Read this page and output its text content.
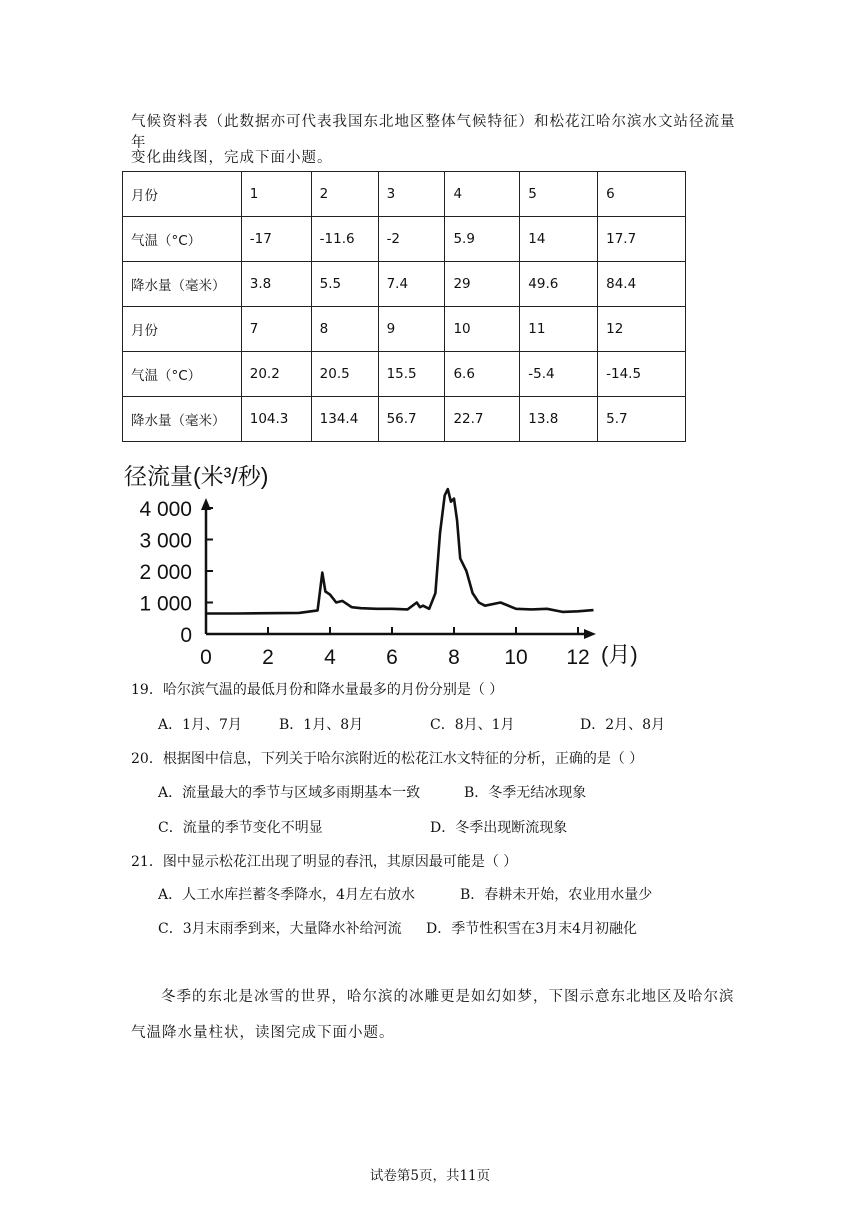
气候资料表（此数据亦可代表我国东北地区整体气候特征）和松花江哈尔滨水文站径流量年
变化曲线图，完成下面小题。
月份	1	2	3	4	5	6
气温（°C）	-17	-11.6	-2	5.9	14	17.7
降水量（毫米）	3.8	5.5	7.4	29	49.6	84.4
月份	7	8	9	10	11	12
气温（°C）	20.2	20.5	15.5	6.6	-5.4	-14.5
降水量（毫米）	104.3	134.4	56.7	22.7	13.8	5.7
径流量(米³/秒)
0
1 000
2 000
3 000
4 000
0 2 4 6 8 10 12 (月)
19．哈尔滨气温的最低月份和降水量最多的月份分别是（ ）
A．1月、7月	B．1月、8月	C．8月、1月	D．2月、8月
20．根据图中信息，下列关于哈尔滨附近的松花江水文特征的分析，正确的是（ ）
A．流量最大的季节与区域多雨期基本一致	B．冬季无结冰现象
C．流量的季节变化不明显	D．冬季出现断流现象
21．图中显示松花江出现了明显的春汛，其原因最可能是（ ）
A．人工水库拦蓄冬季降水，4月左右放水	B．春耕未开始，农业用水量少
C．3月末雨季到来，大量降水补给河流 D．季节性积雪在3月末4月初融化
冬季的东北是冰雪的世界，哈尔滨的冰雕更是如幻如梦，下图示意东北地区及哈尔滨
气温降水量柱状，读图完成下面小题。
试卷第5页，共11页
